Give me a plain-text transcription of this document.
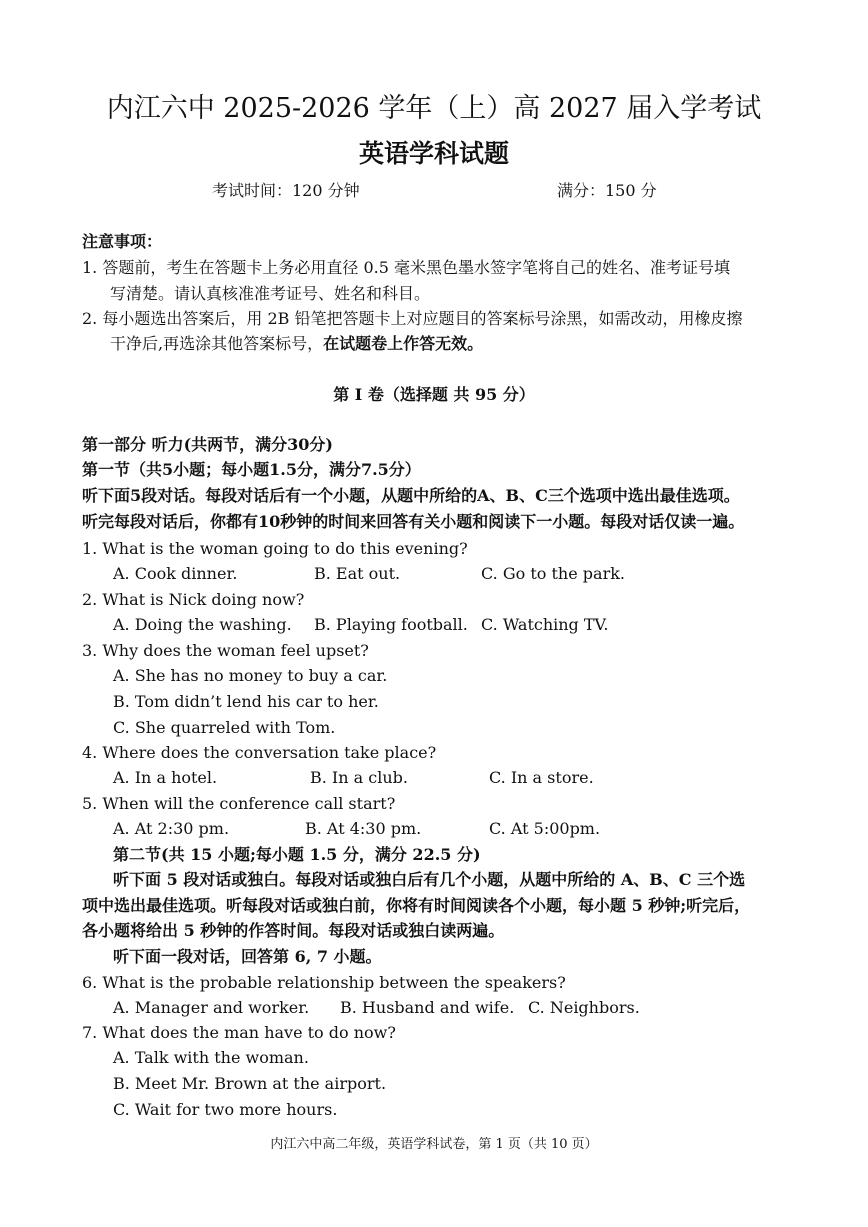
内江六中 2025-2026 学年（上）高 2027 届入学考试
英语学科试题
考试时间：120 分钟	满分：150 分
注意事项：
1. 答题前，考生在答题卡上务必用直径 0.5 毫米黑色墨水签字笔将自己的姓名、准考证号填
写清楚。请认真核准准考证号、姓名和科目。
2. 每小题选出答案后，用 2B 铅笔把答题卡上对应题目的答案标号涂黑，如需改动，用橡皮擦
干净后,再选涂其他答案标号，在试题卷上作答无效。
第 I 卷（选择题 共 95 分）
第一部分 听力(共两节，满分30分)
第一节（共5小题；每小题1.5分，满分7.5分）
听下面5段对话。每段对话后有一个小题，从题中所给的A、B、C三个选项中选出最佳选项。
听完每段对话后，你都有10秒钟的时间来回答有关小题和阅读下一小题。每段对话仅读一遍。
1. What is the woman going to do this evening?
A. Cook dinner.	B. Eat out.	C. Go to the park.
2. What is Nick doing now?
A. Doing the washing. B. Playing football. C. Watching TV.
3. Why does the woman feel upset?
A. She has no money to buy a car.
B. Tom didn’t lend his car to her.
C. She quarreled with Tom.
4. Where does the conversation take place?
A. In a hotel.	B. In a club.	C. In a store.
5. When will the conference call start?
A. At 2:30 pm.	B. At 4:30 pm.	C. At 5:00pm.
第二节(共 15 小题;每小题 1.5 分，满分 22.5 分)
听下面 5 段对话或独白。每段对话或独白后有几个小题，从题中所给的 A、B、C 三个选
项中选出最佳选项。听每段对话或独白前，你将有时间阅读各个小题，每小题 5 秒钟;听完后，
各小题将给出 5 秒钟的作答时间。每段对话或独白读两遍。
听下面一段对话，回答第 6, 7 小题。
6. What is the probable relationship between the speakers?
A. Manager and worker. B. Husband and wife. C. Neighbors.
7. What does the man have to do now?
A. Talk with the woman.
B. Meet Mr. Brown at the airport.
C. Wait for two more hours.
内江六中高二年级，英语学科试卷，第 1 页（共 10 页）
